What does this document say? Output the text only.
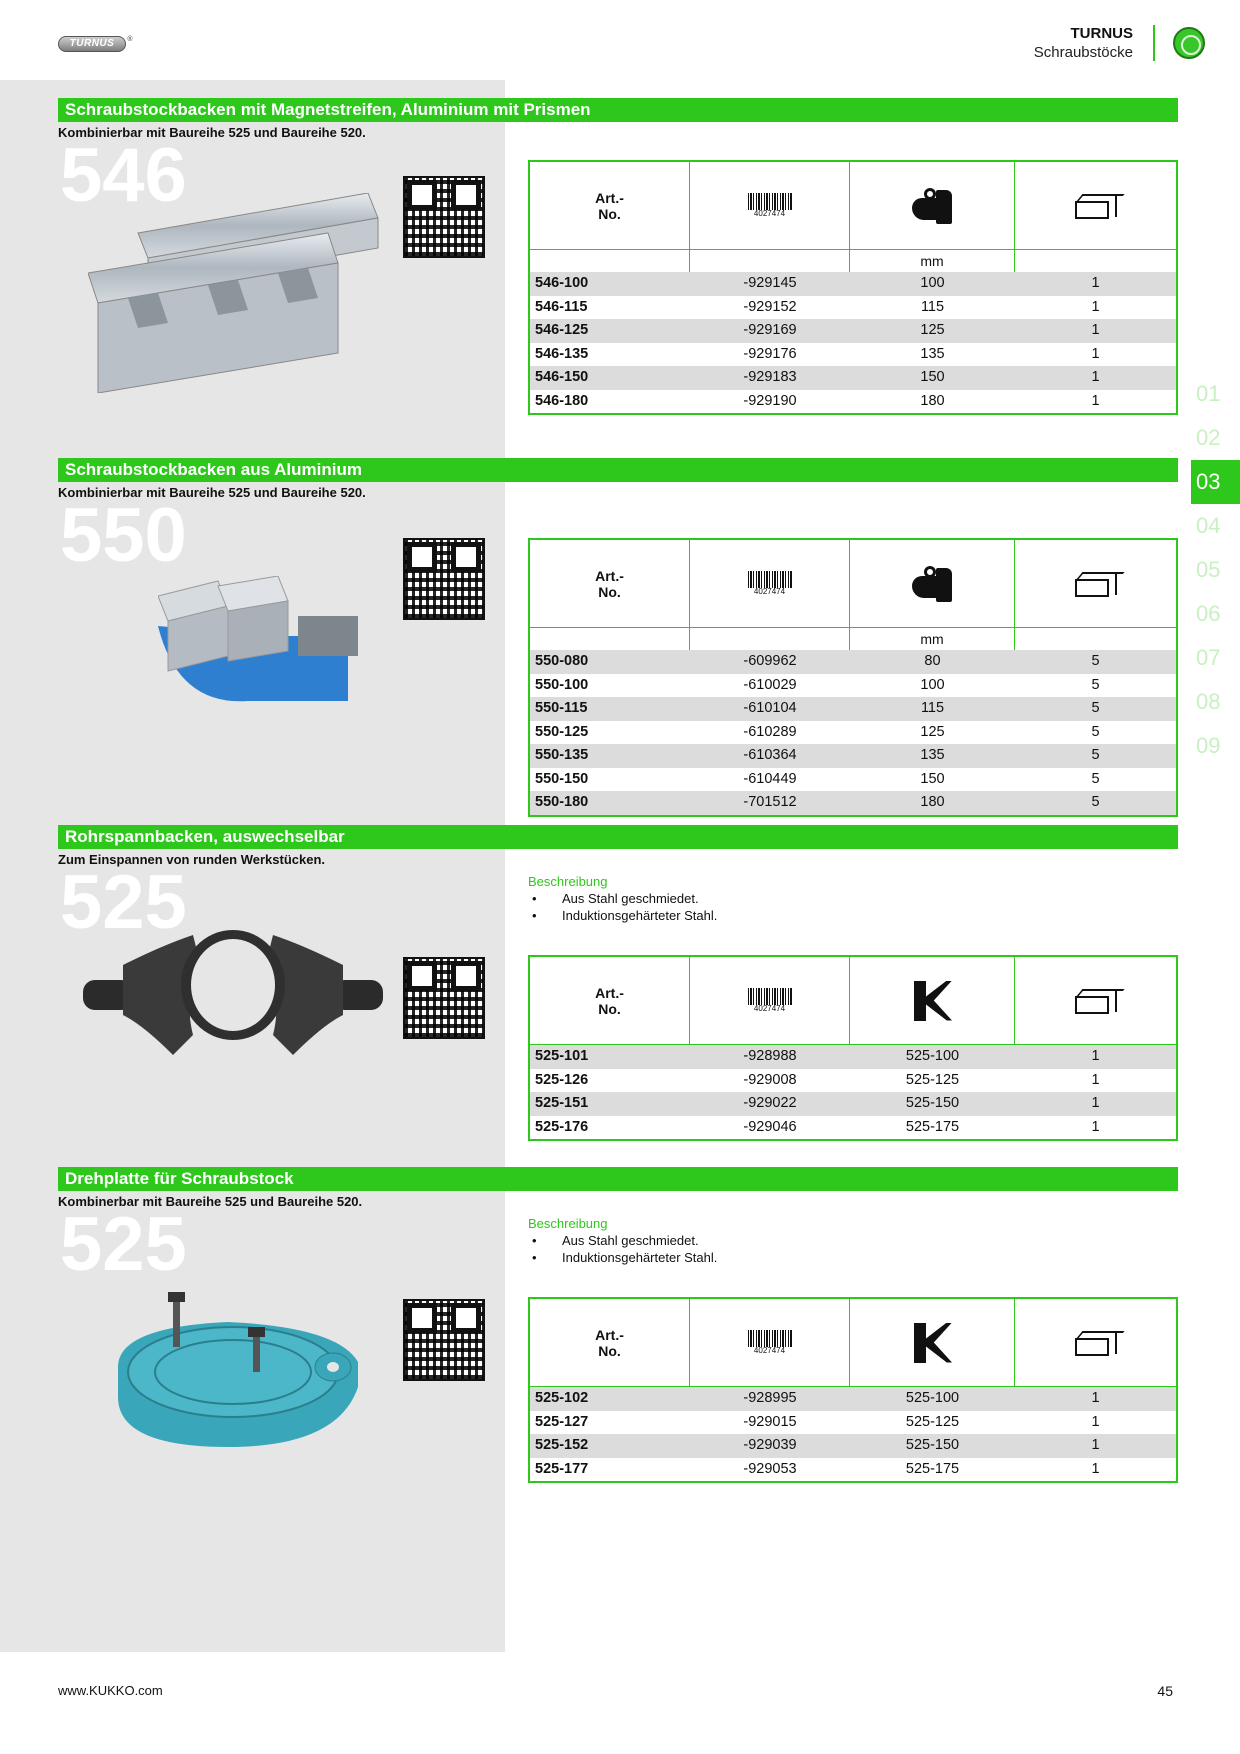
TURNUS ®	TURNUS
Schraubstöcke
01
02
03
04
05
06
07
08
09
Schraubstockbacken mit Magnetstreifen, Aluminium mit Prismen
Kombinierbar mit Baureihe 525 und Baureihe 520.
546	Art.-
No.	4027474
mm
546-100	-929145	100	1
546-115	-929152	115	1
546-125	-929169	125	1
546-135	-929176	135	1
546-150	-929183	150	1
546-180	-929190	180	1
Schraubstockbacken aus Aluminium
Kombinierbar mit Baureihe 525 und Baureihe 520.
550	Art.-
No.	4027474
mm
550-080	-609962	80	5
550-100	-610029	100	5
550-115	-610104	115	5
550-125	-610289	125	5
550-135	-610364	135	5
550-150	-610449	150	5
550-180	-701512	180	5
Rohrspannbacken, auswechselbar
Zum Einspannen von runden Werkstücken.
525	Beschreibung
• Aus Stahl geschmiedet.
• Induktionsgehärteter Stahl.
Art.-
No.	4027474
525-101	-928988	525-100	1
525-126	-929008	525-125	1
525-151	-929022	525-150	1
525-176	-929046	525-175	1
Drehplatte für Schraubstock
Kombinerbar mit Baureihe 525 und Baureihe 520.
525	Beschreibung
• Aus Stahl geschmiedet.
• Induktionsgehärteter Stahl.
Art.-
No.	4027474
525-102	-928995	525-100	1
525-127	-929015	525-125	1
525-152	-929039	525-150	1
525-177	-929053	525-175	1
www.KUKKO.com	45
